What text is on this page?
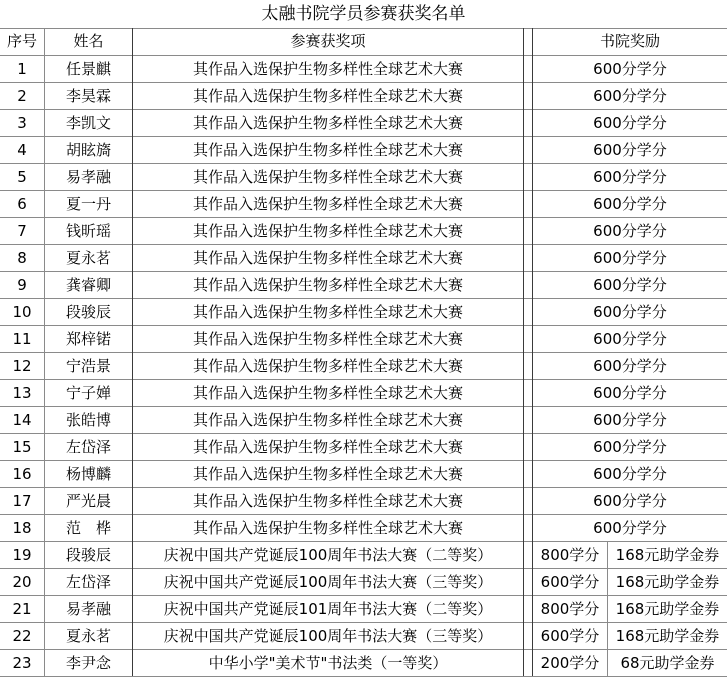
太融书院学员参赛获奖名单
序号	姓名	参赛获奖项	书院奖励
1	任景麒	其作品入选保护生物多样性全球艺术大赛	600分学分
2	李昊霖	其作品入选保护生物多样性全球艺术大赛	600分学分
3	李凯文	其作品入选保护生物多样性全球艺术大赛	600分学分
4	胡眩旖	其作品入选保护生物多样性全球艺术大赛	600分学分
5	易孝融	其作品入选保护生物多样性全球艺术大赛	600分学分
6	夏一丹	其作品入选保护生物多样性全球艺术大赛	600分学分
7	钱昕瑶	其作品入选保护生物多样性全球艺术大赛	600分学分
8	夏永茗	其作品入选保护生物多样性全球艺术大赛	600分学分
9	龚睿卿	其作品入选保护生物多样性全球艺术大赛	600分学分
10	段骏辰	其作品入选保护生物多样性全球艺术大赛	600分学分
11	郑梓锘	其作品入选保护生物多样性全球艺术大赛	600分学分
12	宁浩景	其作品入选保护生物多样性全球艺术大赛	600分学分
13	宁子婵	其作品入选保护生物多样性全球艺术大赛	600分学分
14	张皓博	其作品入选保护生物多样性全球艺术大赛	600分学分
15	左岱泽	其作品入选保护生物多样性全球艺术大赛	600分学分
16	杨博麟	其作品入选保护生物多样性全球艺术大赛	600分学分
17	严光晨	其作品入选保护生物多样性全球艺术大赛	600分学分
18	范　桦	其作品入选保护生物多样性全球艺术大赛	600分学分
19	段骏辰	庆祝中国共产党诞辰100周年书法大赛（二等奖）	800学分	168元助学金券
20	左岱泽	庆祝中国共产党诞辰100周年书法大赛（三等奖）	600学分	168元助学金券
21	易孝融	庆祝中国共产党诞辰101周年书法大赛（二等奖）	800学分	168元助学金券
22	夏永茗	庆祝中国共产党诞辰100周年书法大赛（三等奖）	600学分	168元助学金券
23	李尹念	中华小学"美术节"书法类（一等奖）	200学分	68元助学金券
